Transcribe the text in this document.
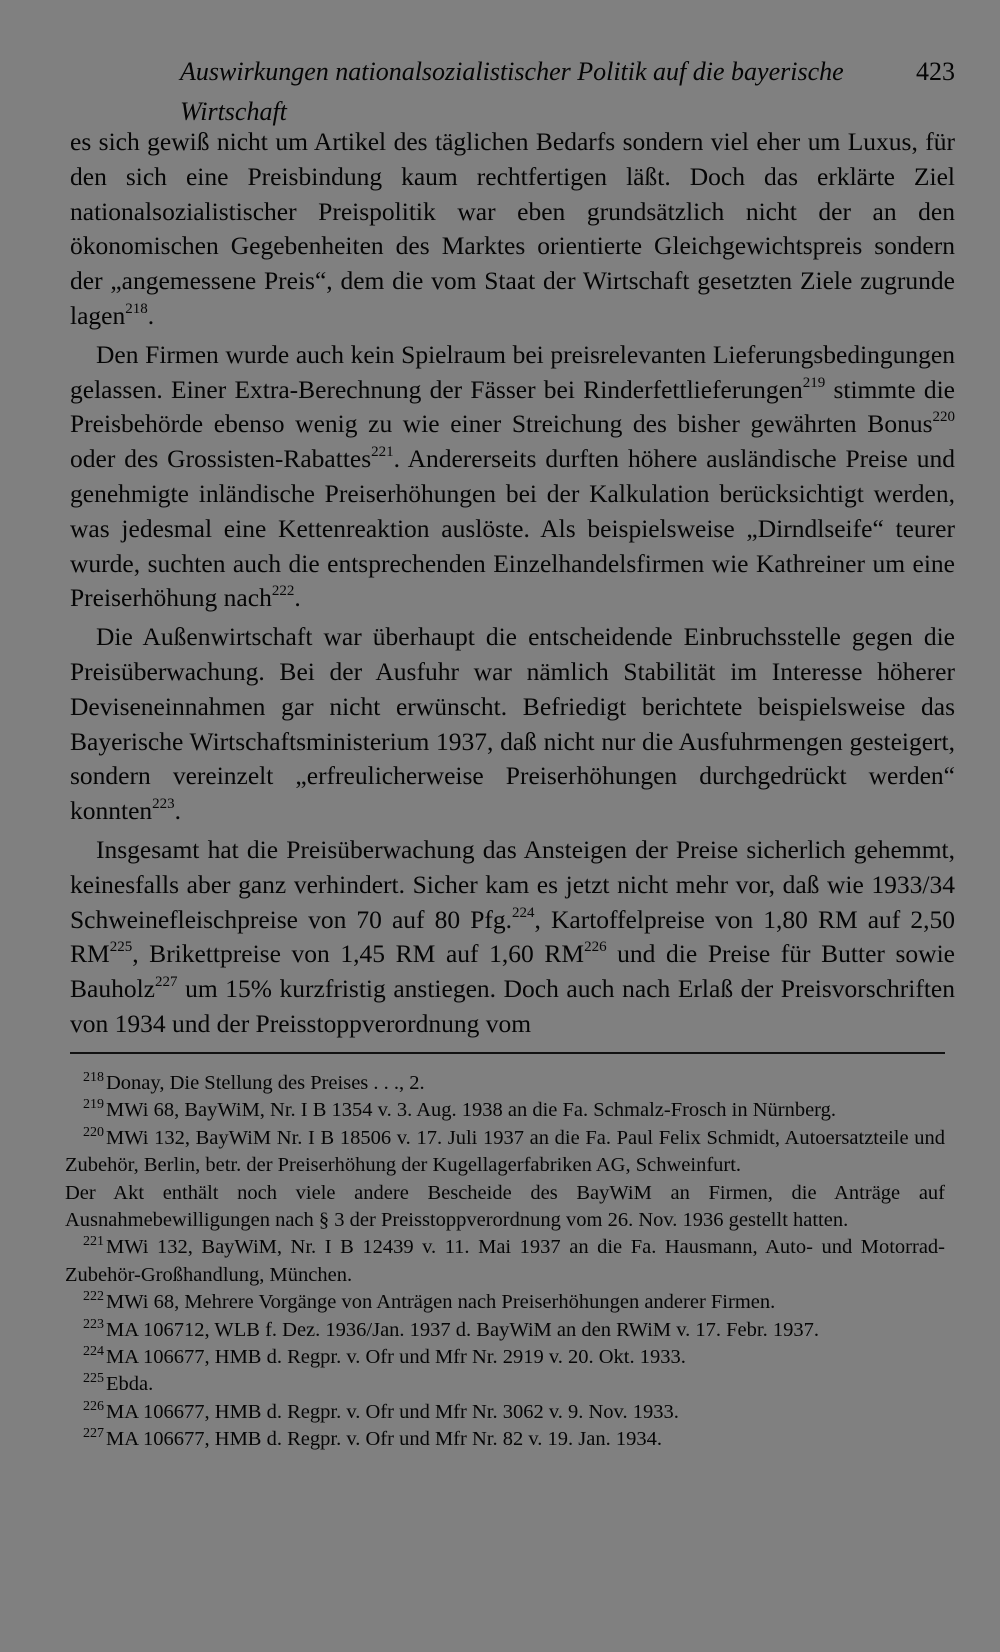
Auswirkungen nationalsozialistischer Politik auf die bayerische Wirtschaft
423

es sich gewiß nicht um Artikel des täglichen Bedarfs sondern viel eher um Luxus, für den sich eine Preisbindung kaum rechtfertigen läßt. Doch das erklärte Ziel nationalsozialistischer Preispolitik war eben grundsätzlich nicht der an den ökonomischen Gegebenheiten des Marktes orientierte Gleichgewichtspreis sondern der „angemessene Preis“, dem die vom Staat der Wirtschaft gesetzten Ziele zugrunde lagen$^{218}$.

Den Firmen wurde auch kein Spielraum bei preisrelevanten Lieferungsbedingungen gelassen. Einer Extra-Berechnung der Fässer bei Rinderfettlieferungen$^{219}$ stimmte die Preisbehörde ebenso wenig zu wie einer Streichung des bisher gewährten Bonus$^{220}$ oder des Grossisten-Rabattes$^{221}$. Andererseits durften höhere ausländische Preise und genehmigte inländische Preiserhöhungen bei der Kalkulation berücksichtigt werden, was jedesmal eine Kettenreaktion auslöste. Als beispielsweise „Dirndlseife“ teurer wurde, suchten auch die entsprechenden Einzelhandelsfirmen wie Kathreiner um eine Preiserhöhung nach$^{222}$.

Die Außenwirtschaft war überhaupt die entscheidende Einbruchsstelle gegen die Preisüberwachung. Bei der Ausfuhr war nämlich Stabilität im Interesse höherer Deviseneinnahmen gar nicht erwünscht. Befriedigt berichtete beispielsweise das Bayerische Wirtschaftsministerium 1937, daß nicht nur die Ausfuhrmengen gesteigert, sondern vereinzelt „erfreulicherweise Preiserhöhungen durchgedrückt werden“ konnten$^{223}$.

Insgesamt hat die Preisüberwachung das Ansteigen der Preise sicherlich gehemmt, keinesfalls aber ganz verhindert. Sicher kam es jetzt nicht mehr vor, daß wie 1933/34 Schweinefleischpreise von 70 auf 80 Pfg.$^{224}$, Kartoffelpreise von 1,80 RM auf 2,50 RM$^{225}$, Brikettpreise von 1,45 RM auf 1,60 RM$^{226}$ und die Preise für Butter sowie Bauholz$^{227}$ um 15% kurzfristig anstiegen. Doch auch nach Erlaß der Preisvorschriften von 1934 und der Preisstoppverordnung vom

$^{218}$Donay, Die Stellung des Preises . . ., 2.

$^{219}$MWi 68, BayWiM, Nr. I B 1354 v. 3. Aug. 1938 an die Fa. Schmalz-Frosch in Nürnberg.

$^{220}$MWi 132, BayWiM Nr. I B 18506 v. 17. Juli 1937 an die Fa. Paul Felix Schmidt, Autoersatzteile und Zubehör, Berlin, betr. der Preiserhöhung der Kugellagerfabriken AG, Schweinfurt.

Der Akt enthält noch viele andere Bescheide des BayWiM an Firmen, die Anträge auf Ausnahmebewilligungen nach § 3 der Preisstoppverordnung vom 26. Nov. 1936 gestellt hatten.

$^{221}$MWi 132, BayWiM, Nr. I B 12439 v. 11. Mai 1937 an die Fa. Hausmann, Auto- und Motorrad-Zubehör-Großhandlung, München.

$^{222}$MWi 68, Mehrere Vorgänge von Anträgen nach Preiserhöhungen anderer Firmen.

$^{223}$MA 106712, WLB f. Dez. 1936/Jan. 1937 d. BayWiM an den RWiM v. 17. Febr. 1937.

$^{224}$MA 106677, HMB d. Regpr. v. Ofr und Mfr Nr. 2919 v. 20. Okt. 1933.

$^{225}$Ebda.

$^{226}$MA 106677, HMB d. Regpr. v. Ofr und Mfr Nr. 3062 v. 9. Nov. 1933.

$^{227}$MA 106677, HMB d. Regpr. v. Ofr und Mfr Nr. 82 v. 19. Jan. 1934.
